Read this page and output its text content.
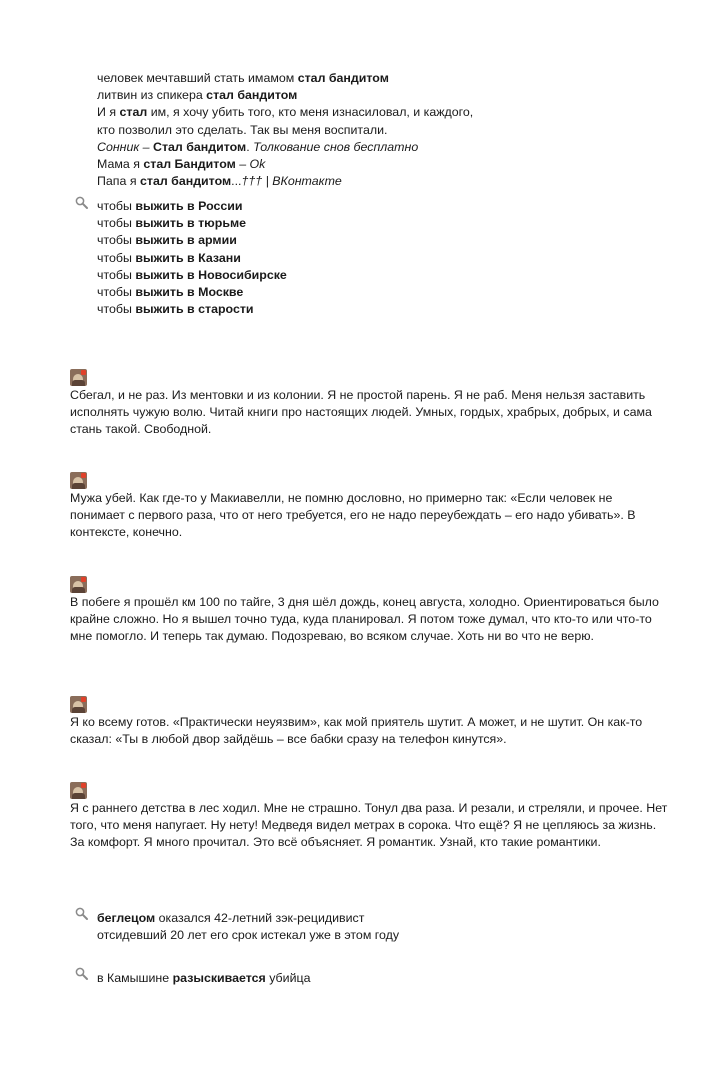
человек мечтавший стать имамом стал бандитом
литвин из спикера стал бандитом
И я стал им, я хочу убить того, кто меня изнасиловал, и каждого,
кто позволил это сделать. Так вы меня воспитали.
Сонник – Стал бандитом. Толкование снов бесплатно
Мама я стал Бандитом – Ok
Папа я стал бандитом...††† | ВКонтакте
чтобы выжить в России
чтобы выжить в тюрьме
чтобы выжить в армии
чтобы выжить в Казани
чтобы выжить в Новосибирске
чтобы выжить в Москве
чтобы выжить в старости
Сбегал, и не раз. Из ментовки и из колонии. Я не простой парень. Я не раб. Меня нельзя заставить исполнять чужую волю. Читай книги про настоящих людей. Умных, гордых, храбрых, добрых, и сама стань такой. Свободной.
Мужа убей. Как где-то у Макиавелли, не помню дословно, но примерно так: «Если человек не понимает с первого раза, что от него требуется, его не надо переубеждать – его надо убивать». В контексте, конечно.
В побеге я прошёл км 100 по тайге, 3 дня шёл дождь, конец августа, холодно. Ориентироваться было крайне сложно. Но я вышел точно туда, куда планировал. Я потом тоже думал, что кто-то или что-то мне помогло. И теперь так думаю. Подозреваю, во всяком случае. Хоть ни во что не верю.
Я ко всему готов. «Практически неуязвим», как мой приятель шутит. А может, и не шутит. Он как-то сказал: «Ты в любой двор зайдёшь – все бабки сразу на телефон кинутся».
Я с раннего детства в лес ходил. Мне не страшно. Тонул два раза. И резали, и стреляли, и прочее. Нет того, что меня напугает. Ну нету! Медведя видел метрах в сорока. Что ещё? Я не цепляюсь за жизнь. За комфорт. Я много прочитал. Это всё объясняет. Я романтик. Узнай, кто такие романтики.
беглецом оказался 42-летний зэк-рецидивист
отсидевший 20 лет его срок истекал уже в этом году
в Камышине разыскивается убийца
